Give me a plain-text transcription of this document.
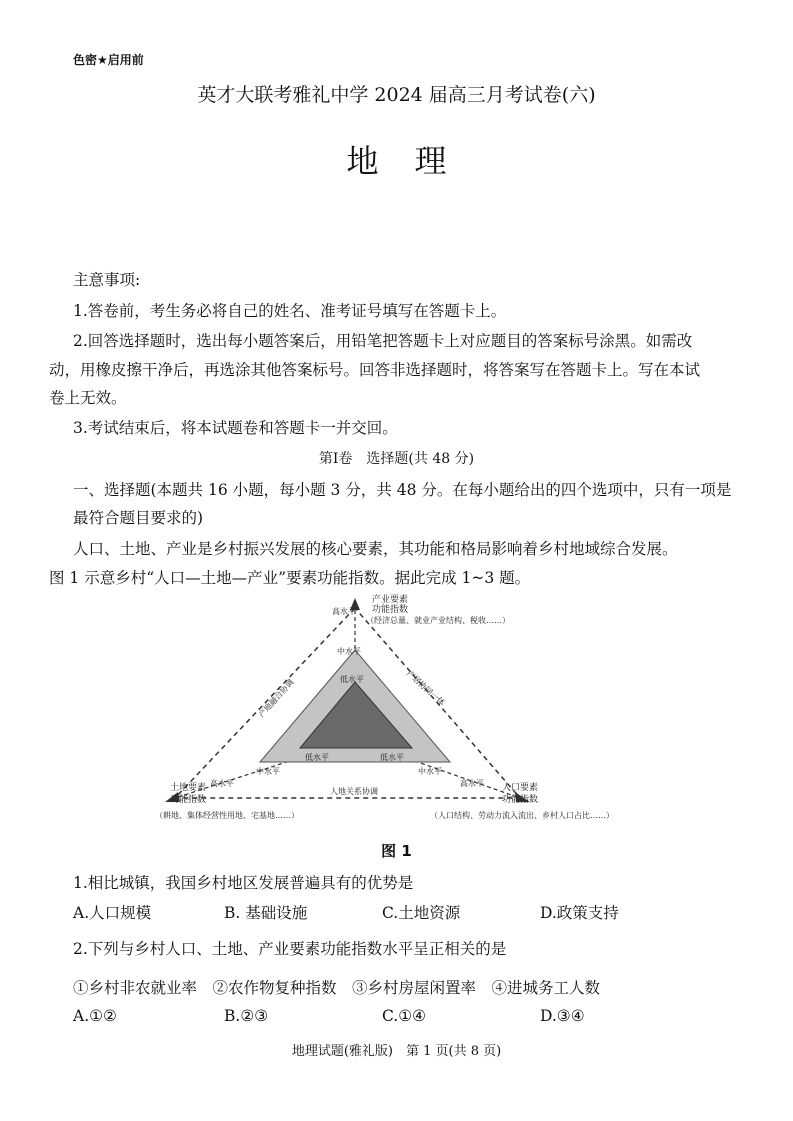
色密★启用前
英才大联考雅礼中学 2024 届高三月考试卷(六)
地理
主意事项:
1.答卷前，考生务必将自己的姓名、准考证号填写在答题卡上。
2.回答选择题时，选出每小题答案后，用铅笔把答题卡上对应题目的答案标号涂黑。如需改
动，用橡皮擦干净后，再选涂其他答案标号。回答非选择题时，将答案写在答题卡上。写在本试
卷上无效。
3.考试结束后，将本试题卷和答题卡一并交回。
第Ⅰ卷　选择题(共 48 分)
一、选择题(本题共 16 小题，每小题 3 分，共 48 分。在每小题给出的四个选项中，只有一项是
最符合题目要求的)
人口、土地、产业是乡村振兴发展的核心要素，其功能和格局影响着乡村地域综合发展。
图 1 示意乡村“人口—土地—产业”要素功能指数。据此完成 1~3 题。
产业要素
功能指数
（经济总量、就业产业结构、税收……）
高水平
中水平
低水平
土地要素
功能指数
（耕地、集体经营性用地、宅基地……）
高水平
中水平
低水平
人口要素
功能指数
（人口结构、劳动力流入流出、乡村人口占比……）
高水平
中水平
低水平
产地融合协调	产居协同一体
人地关系协调
图 1
1.相比城镇，我国乡村地区发展普遍具有的优势是
A.人口规模	B. 基础设施	C.土地资源	D.政策支持
2.下列与乡村人口、土地、产业要素功能指数水平呈正相关的是
①乡村非农就业率　②农作物复种指数　③乡村房屋闲置率　④进城务工人数
A.①②	B.②③	C.①④	D.③④
地理试题(雅礼版)　第 1 页(共 8 页)
